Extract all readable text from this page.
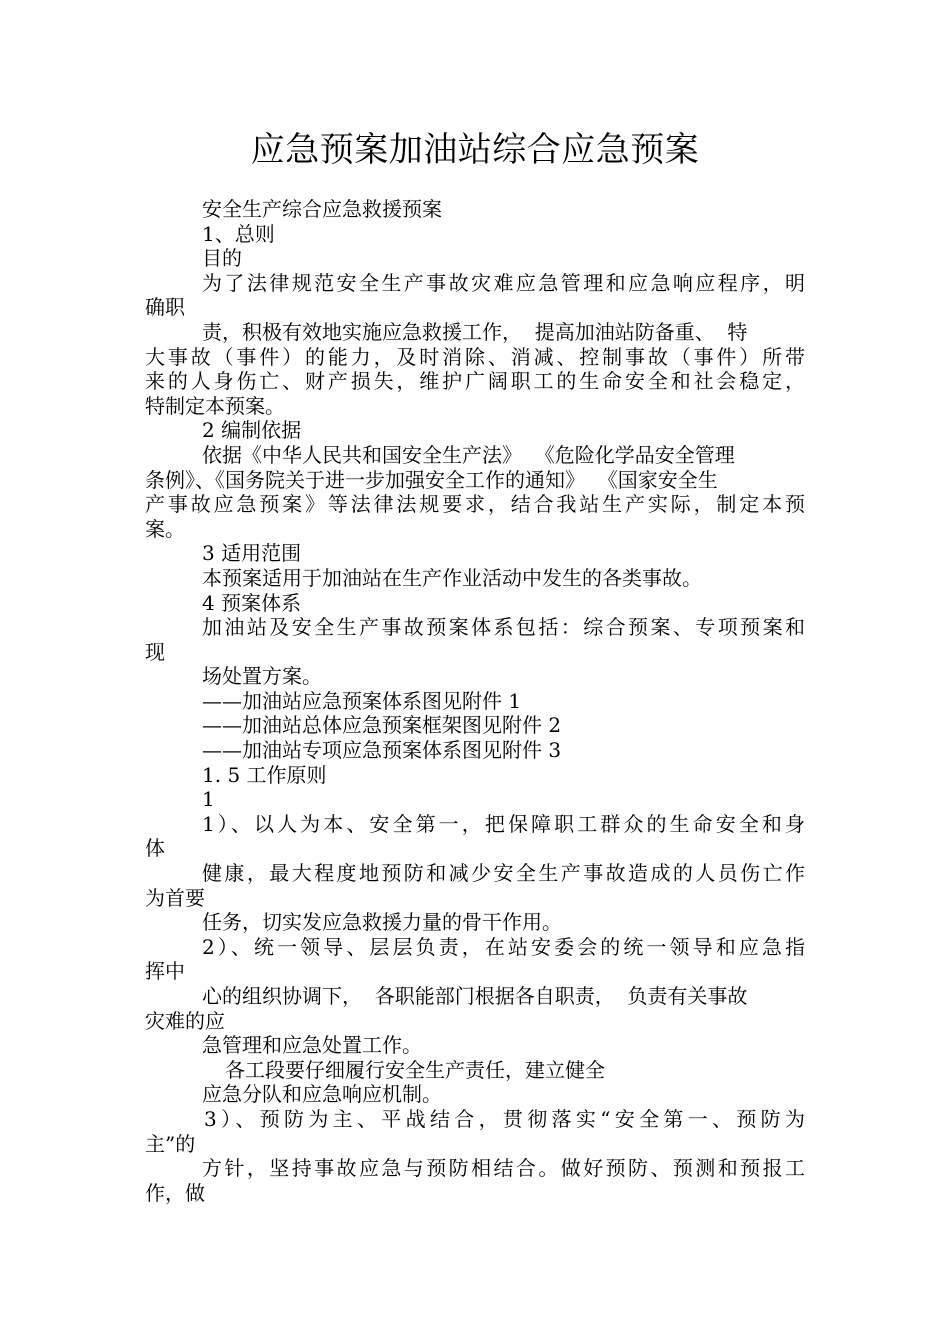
应急预案加油站综合应急预案
安全生产综合应急救援预案
1、总则
目的
为了法律规范安全生产事故灾难应急管理和应急响应程序，明
确职
责，积极有效地实施应急救援工作，  提高加油站防备重、  特
大事故（事件）的能力，及时消除、消减、控制事故（事件）所带
来的人身伤亡、财产损失，维护广阔职工的生命安全和社会稳定，
特制定本预案。
2 编制依据
依据《中华人民共和国安全生产法》  《危险化学品安全管理
条例》、《国务院关于进一步加强安全工作的通知》  《国家安全生
产事故应急预案》等法律法规要求，结合我站生产实际，制定本预
案。
3 适用范围
本预案适用于加油站在生产作业活动中发生的各类事故。
4 预案体系
加油站及安全生产事故预案体系包括：综合预案、专项预案和
现
场处置方案。
——加油站应急预案体系图见附件 1
——加油站总体应急预案框架图见附件 2
——加油站专项应急预案体系图见附件 3
1. 5 工作原则
1
1）、以人为本、安全第一，把保障职工群众的生命安全和身
体
健康，最大程度地预防和减少安全生产事故造成的人员伤亡作
为首要
任务，切实发应急救援力量的骨干作用。
2）、统一领导、层层负责，在站安委会的统一领导和应急指
挥中
心的组织协调下，  各职能部门根据各自职责，  负责有关事故
灾难的应
急管理和应急处置工作。
各工段要仔细履行安全生产责任，建立健全
应急分队和应急响应机制。
3）、预防为主、平战结合，贯彻落实“安全第一、预防为
主”的
方针，坚持事故应急与预防相结合。做好预防、预测和预报工
作，做
